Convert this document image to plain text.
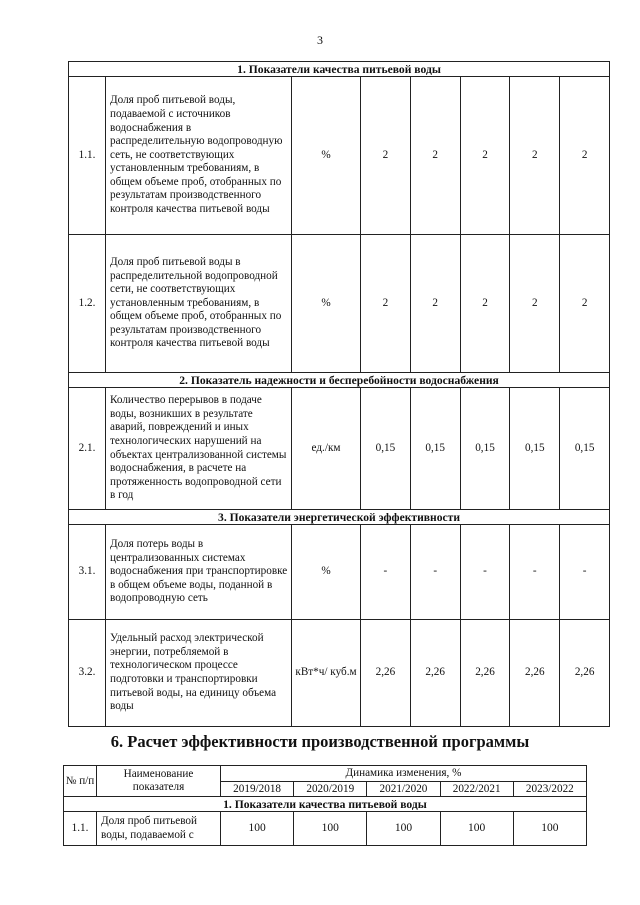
3
1. Показатели качества питьевой воды							
1.1.	Доля проб питьевой воды, подаваемой с источников водоснабжения в распределительную водопроводную сеть, не соответствующих установленным требованиям, в общем объеме проб, отобранных по результатам производственного контроля качества питьевой воды	%	2	2	2	2	2
1.2.	Доля проб питьевой воды в распределительной водопроводной сети, не соответствующих установленным требованиям, в общем объеме проб, отобранных по результатам производственного контроля качества питьевой воды	%	2	2	2	2	2
2. Показатель надежности и бесперебойности водоснабжения							
2.1.	Количество перерывов в подаче воды, возникших в результате аварий, повреждений и иных технологических нарушений на объектах централизованной системы водоснабжения, в расчете на протяженность водопроводной сети в год	ед./км	0,15	0,15	0,15	0,15	0,15
3. Показатели энергетической эффективности							
3.1.	Доля потерь воды в централизованных системах водоснабжения при транспортировке в общем объеме воды, поданной в водопроводную сеть	%	-	-	-	-	-
3.2.	Удельный расход электрической энергии, потребляемой в технологическом процессе подготовки и транспортировки питьевой воды, на единицу объема воды	кВт*ч/ куб.м	2,26	2,26	2,26	2,26	2,26
6. Расчет эффективности производственной программы
№ п/п	Наименование показателя	Динамика изменения, %				
		2019/2018	2020/2019	2021/2020	2022/2021	2023/2022
1. Показатели качества питьевой воды						
1.1.	Доля проб питьевой воды, подаваемой с	100	100	100	100	100
